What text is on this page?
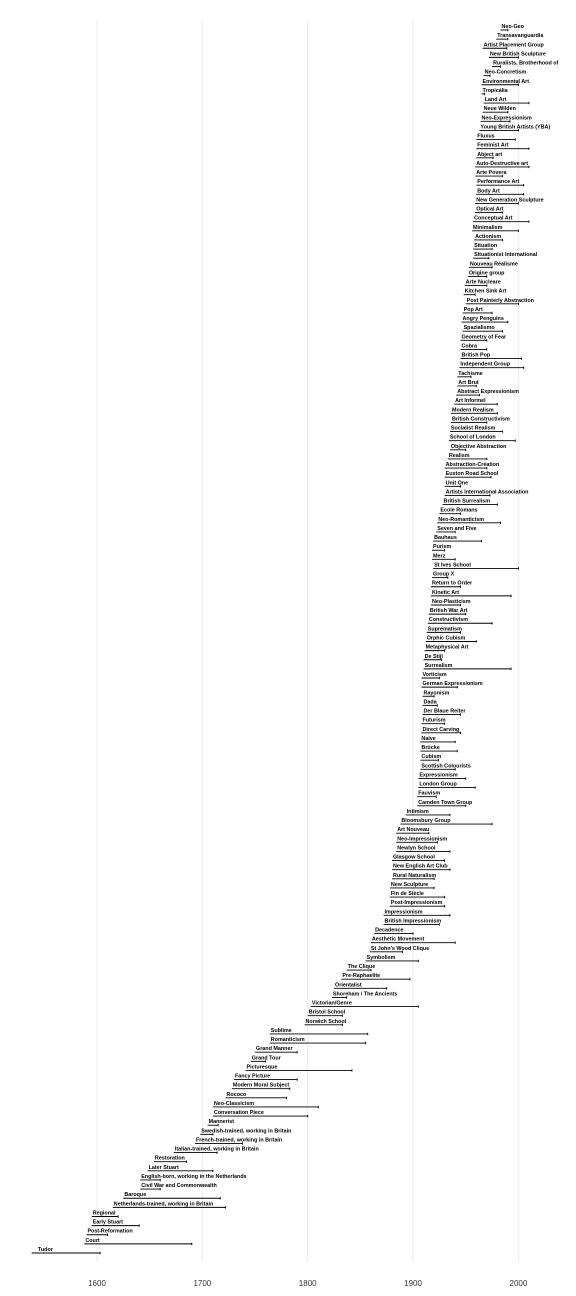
Neo-Geo
Transavanguardia
Artist Placement Group
New British Sculpture
Ruralists, Brotherhood of
Neo-Concretism
Environmental Art
Tropicália
Land Art
Neue Wilden
Neo-Expressionism
Young British Artists (YBA)
Fluxus
Feminist Art
Abject art
Auto-Destructive art
Arte Povera
Performance Art
Body Art
New Generation Sculpture
Optical Art
Conceptual Art
Minimalism
Actionism
Situation
Situationist International
Nouveau Réalisme
Origine group
Arte Nucleare
Kitchen Sink Art
Post Painterly Abstraction
Pop Art
Angry Penguins
Spazialismo
Geometry of Fear
Cobra
British Pop
Independent Group
Tachisme
Art Brut
Abstract Expressionism
Art Informel
Modern Realism
British Constructivism
Socialist Realism
School of London
Objective Abstraction
Realism
Abstraction-Création
Euston Road School
Unit One
Artists International Association
British Surrealism
Ecole Romans
Neo-Romanticism
Seven and Five
Bauhaus
Purism
Merz
St Ives School
Group X
Return to Order
Kinetic Art
Neo-Plasticism
British War Art
Constructivism
Suprematism
Orphic Cubism
Metaphysical Art
De Stijl
Surrealism
Vorticism
German Expressionism
Rayonism
Dada
Der Blaue Reiter
Futurism
Direct Carving
Naive
Brücke
Cubism
Scottish Colourists
Expressionism
London Group
Fauvism
Camden Town Group
Intimism
Bloomsbury Group
Art Nouveau
Neo-Impressionism
Newlyn School
Glasgow School
New English Art Club
Rural Naturalism
New Sculpture
Fin de Siècle
Post-Impressionism
Impressionism
British Impressionism
Decadence
Aesthetic Movement
St John's Wood Clique
Symbolism
The Clique
Pre-Raphaelite
Orientalist
Shoreham / The Ancients
Victorian/Genre
Bristol School
Norwich School
Sublime
Romanticism
Grand Manner
Grand Tour
Picturesque
Fancy Picture
Modern Moral Subject
Rococo
Neo-Classicism
Conversation Piece
Mannerist
Swedish-trained, working in Britain
French-trained, working in Britain
Italian-trained, working in Britain
Restoration
Later Stuart
English-born, working in the Netherlands
Civil War and Commonwealth
Baroque
Netherlands-trained, working in Britain
Regional
Early Stuart
Post-Reformation
Court
Tudor
1600	1700	1800	1900	2000
